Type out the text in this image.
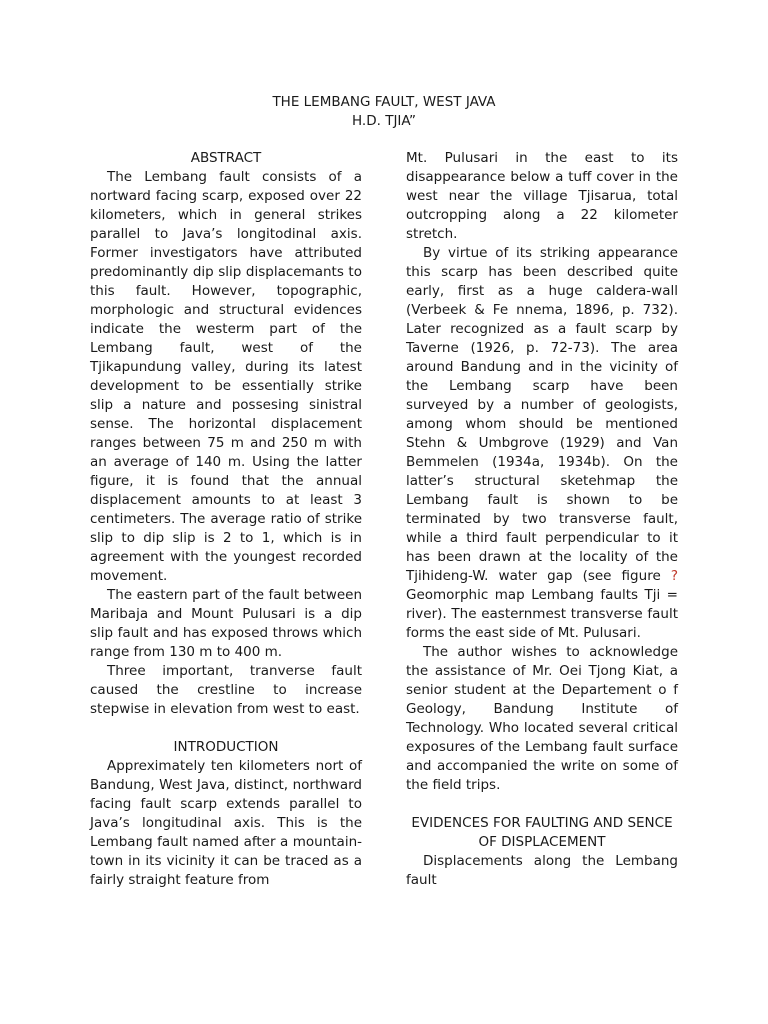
THE LEMBANG FAULT, WEST JAVA
H.D. TJIA”

ABSTRACT

The Lembang fault consists of a nortward facing scarp, exposed over 22 kilometers, which in general strikes parallel to Java’s longitodinal axis. Former investigators have attributed predominantly dip slip displacemants to this fault. However, topographic, morphologic and structural evidences indicate the westerm part of the Lembang fault, west of the Tjikapundung valley, during its latest development to be essentially strike slip a nature and possesing sinistral sense. The horizontal displacement ranges between 75 m and 250 m with an average of 140 m. Using the latter figure, it is found that the annual displacement amounts to at least 3 centimeters. The average ratio of strike slip to dip slip is 2 to 1, which is in agreement with the youngest recorded movement.

The eastern part of the fault between Maribaja and Mount Pulusari is a dip slip fault and has exposed throws which range from 130 m to 400 m.

Three important, tranverse fault caused the crestline to increase stepwise in elevation from west to east.

INTRODUCTION

Appreximately ten kilometers nort of Bandung, West Java, distinct, northward facing fault scarp extends parallel to Java’s longitudinal axis. This is the Lembang fault named after a mountain-town in its vicinity it can be traced as a fairly straight feature from

Mt. Pulusari in the east to its disappearance below a tuff cover in the west near the village Tjisarua, total outcropping along a 22 kilometer stretch.

By virtue of its striking appearance this scarp has been described quite early, first as a huge caldera-wall (Verbeek & Fe nnema, 1896, p. 732). Later recognized as a fault scarp by Taverne (1926, p. 72-73). The area around Bandung and in the vicinity of the Lembang scarp have been surveyed by a number of geologists, among whom should be mentioned Stehn & Umbgrove (1929) and Van Bemmelen (1934a, 1934b). On the latter’s structural sketehmap the Lembang fault is shown to be terminated by two transverse fault, while a third fault perpendicular to it has been drawn at the locality of the Tjihideng-W. water gap (see figure ? Geomorphic map Lembang faults Tji = river). The easternmest transverse fault forms the east side of Mt. Pulusari.

The author wishes to acknowledge the assistance of Mr. Oei Tjong Kiat, a senior student at the Departement o f Geology, Bandung Institute of Technology. Who located several critical exposures of the Lembang fault surface and accompanied the write on some of the field trips.

EVIDENCES FOR FAULTING AND SENCE OF DISPLACEMENT

Displacements along the Lembang fault
